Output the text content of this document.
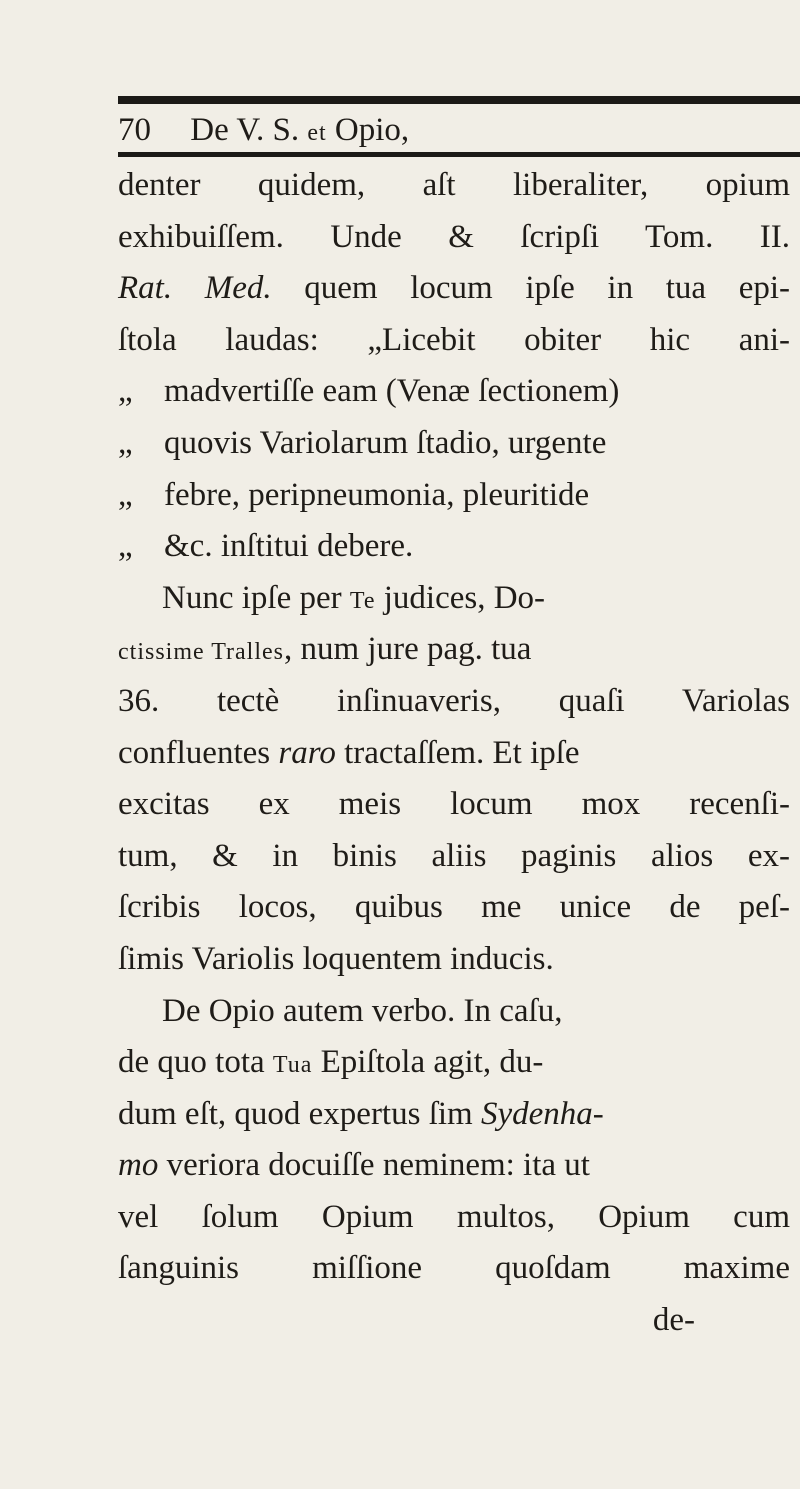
70 De V. S. et Opio,
denter quidem, aſt liberaliter, opium
exhibuiſſem. Unde & ſcripſi Tom. II.
Rat. Med. quem locum ipſe in tua epi-
ſtola laudas: „Licebit obiter hic ani-
„ madvertiſſe eam (Venæ ſectionem)
„ quovis Variolarum ſtadio, urgente
„ febre, peripneumonia, pleuritide
„ &c. inſtitui debere.
Nunc ipſe per Te judices, Do-
ctissime Tralles, num jure pag. tua
36. tectè inſinuaveris, quaſi Variolas
confluentes raro tractaſſem. Et ipſe
excitas ex meis locum mox recenſi-
tum, & in binis aliis paginis alios ex-
ſcribis locos, quibus me unice de peſ-
ſimis Variolis loquentem inducis.
De Opio autem verbo. In caſu,
de quo tota Tua Epiſtola agit, du-
dum eſt, quod expertus ſim Sydenha-
mo veriora docuiſſe neminem: ita ut
vel ſolum Opium multos, Opium cum
ſanguinis miſſione quoſdam maxime
de-
